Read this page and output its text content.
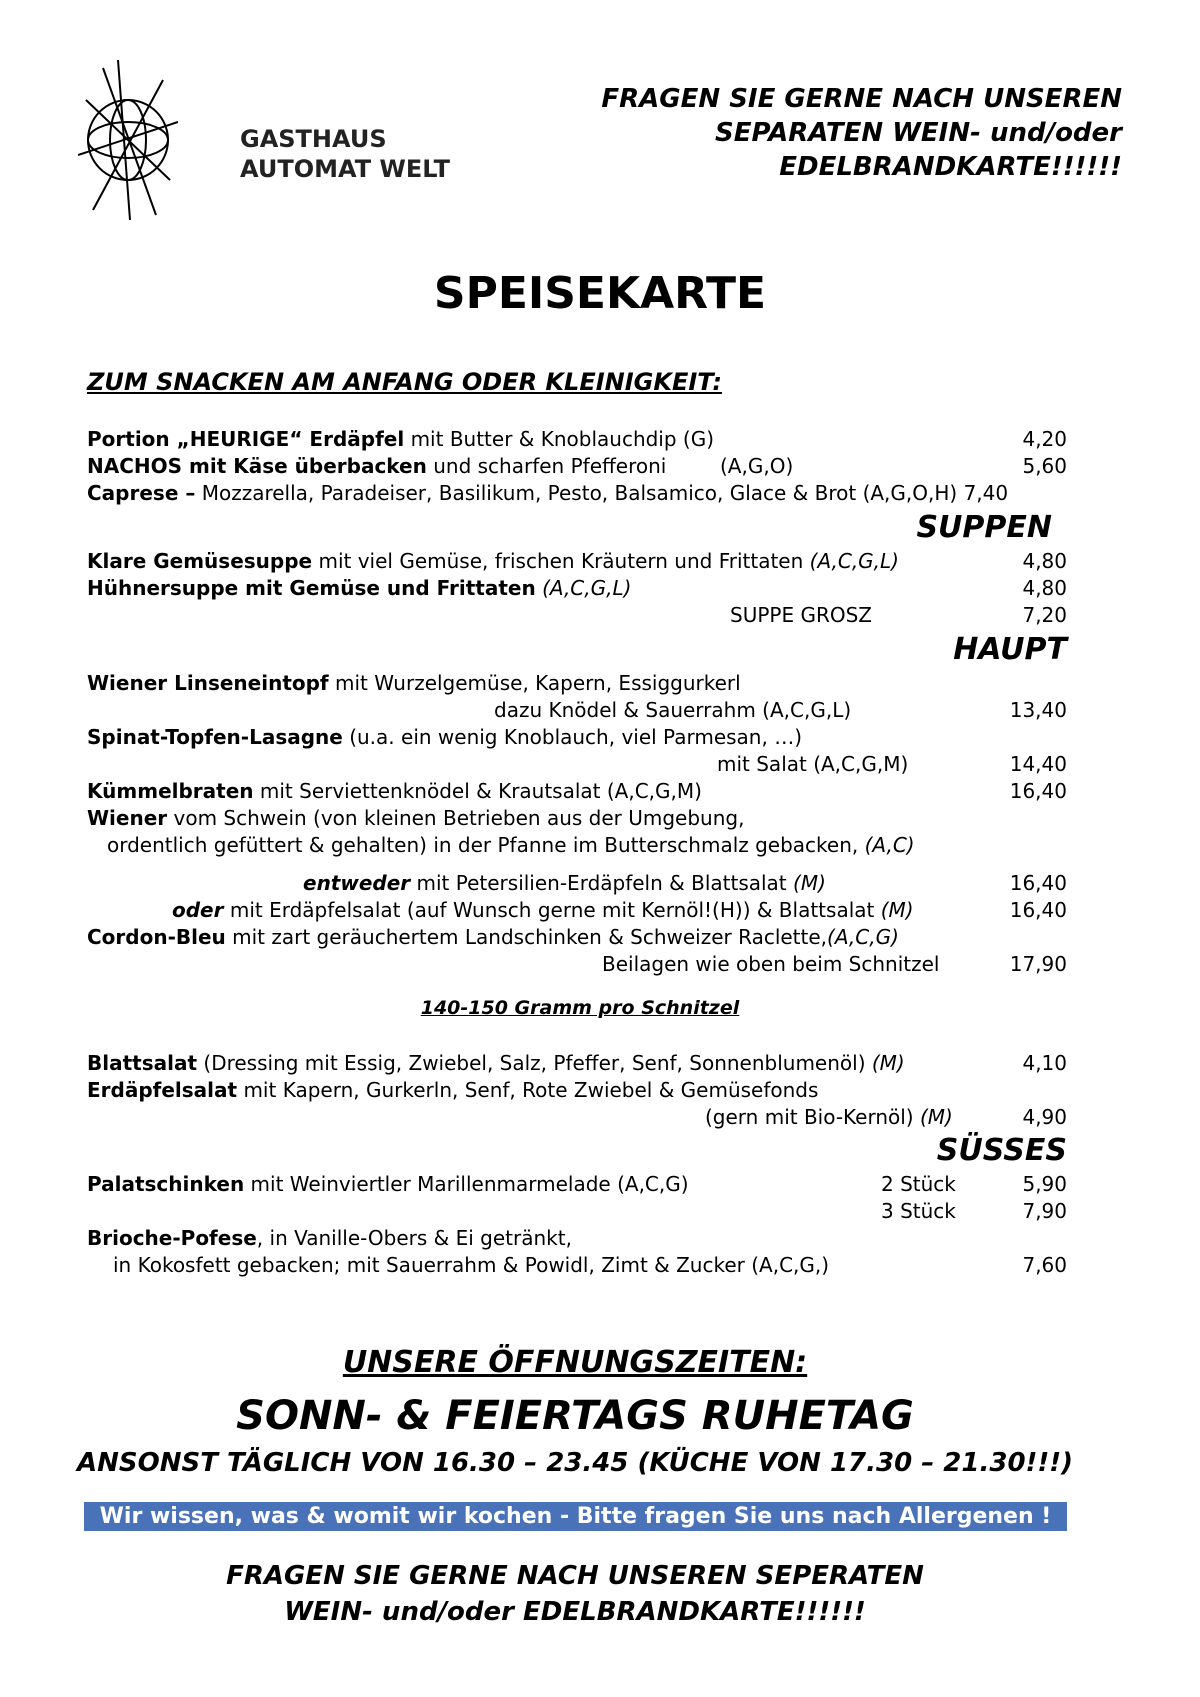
GASTHAUS
AUTOMAT WELT
FRAGEN SIE GERNE NACH UNSEREN
SEPARATEN WEIN- und/oder
EDELBRANDKARTE!!!!!!
SPEISEKARTE
ZUM SNACKEN AM ANFANG ODER KLEINIGKEIT:
Portion „HEURIGE“ Erdäpfel mit Butter & Knoblauchdip (G)	4,20
NACHOS mit Käse überbacken und scharfen Pfefferoni	(A,G,O)	5,60
Caprese – Mozzarella, Paradeiser, Basilikum, Pesto, Balsamico, Glace & Brot (A,G,O,H) 7,40
SUPPEN
Klare Gemüsesuppe mit viel Gemüse, frischen Kräutern und Frittaten (A,C,G,L)	4,80
Hühnersuppe mit Gemüse und Frittaten (A,C,G,L)	4,80
SUPPE GROSZ	7,20
HAUPT
Wiener Linseneintopf mit Wurzelgemüse, Kapern, Essiggurkerl
dazu Knödel & Sauerrahm (A,C,G,L)	13,40
Spinat-Topfen-Lasagne (u.a. ein wenig Knoblauch, viel Parmesan, …)
mit Salat (A,C,G,M)	14,40
Kümmelbraten mit Serviettenknödel & Krautsalat (A,C,G,M)	16,40
Wiener vom Schwein (von kleinen Betrieben aus der Umgebung,
ordentlich gefüttert & gehalten) in der Pfanne im Butterschmalz gebacken, (A,C)
entweder mit Petersilien-Erdäpfeln & Blattsalat (M)	16,40
oder mit Erdäpfelsalat (auf Wunsch gerne mit Kernöl!(H)) & Blattsalat (M)	16,40
Cordon-Bleu mit zart geräuchertem Landschinken & Schweizer Raclette,(A,C,G)
Beilagen wie oben beim Schnitzel	17,90
140-150 Gramm pro Schnitzel
Blattsalat (Dressing mit Essig, Zwiebel, Salz, Pfeffer, Senf, Sonnenblumenöl) (M)	4,10
Erdäpfelsalat mit Kapern, Gurkerln, Senf, Rote Zwiebel & Gemüsefonds
(gern mit Bio-Kernöl) (M)	4,90
SÜSSES
Palatschinken mit Weinviertler Marillenmarmelade (A,C,G)	2 Stück	5,90
3 Stück	7,90
Brioche-Pofese, in Vanille-Obers & Ei getränkt,
in Kokosfett gebacken; mit Sauerrahm & Powidl, Zimt & Zucker (A,C,G,)	7,60
UNSERE ÖFFNUNGSZEITEN:
SONN- & FEIERTAGS RUHETAG
ANSONST TÄGLICH VON 16.30 – 23.45 (KÜCHE VON 17.30 – 21.30!!!)
Wir wissen, was & womit wir kochen - Bitte fragen Sie uns nach Allergenen !
FRAGEN SIE GERNE NACH UNSEREN SEPERATEN
WEIN- und/oder EDELBRANDKARTE!!!!!!
